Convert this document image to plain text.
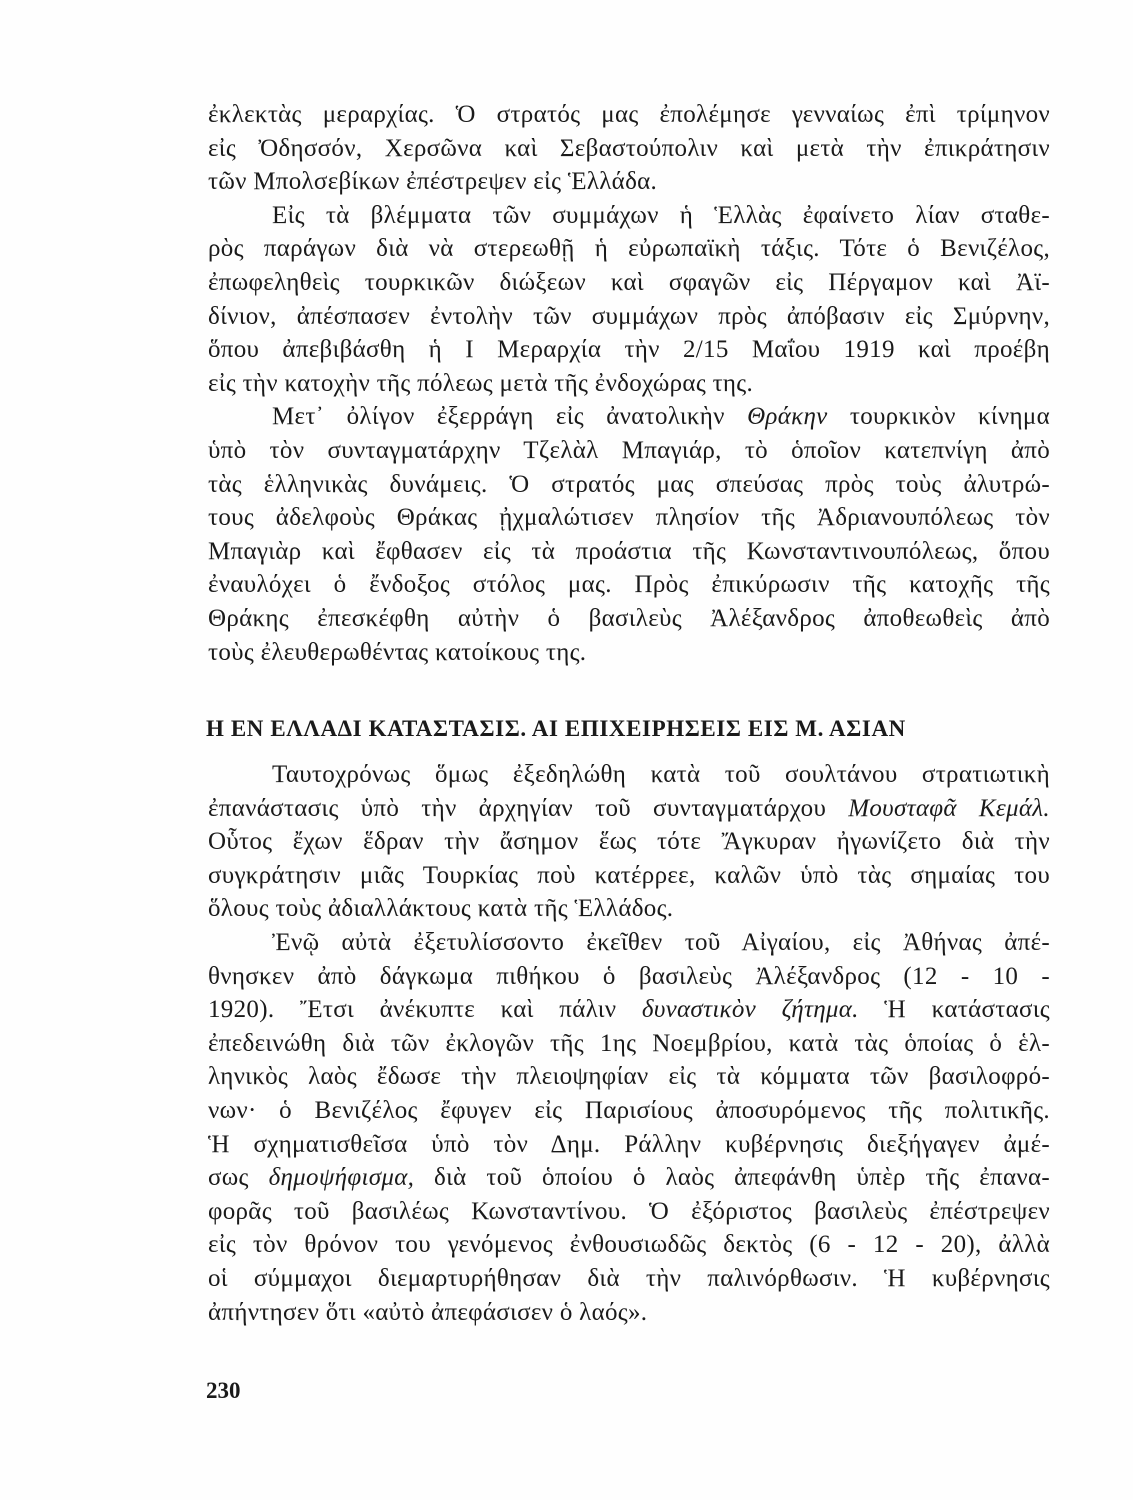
ἐκλεκτὰς μεραρχίας. Ὁ στρατός μας ἐπολέμησε γενναίως ἐπὶ τρίμηνον
εἰς Ὀδησσόν, Χερσῶνα καὶ Σεβαστούπολιν καὶ μετὰ τὴν ἐπικράτησιν
τῶν Μπολσεβίκων ἐπέστρεψεν εἰς Ἑλλάδα.
Εἰς τὰ βλέμματα τῶν συμμάχων ἡ Ἑλλὰς ἐφαίνετο λίαν σταθε-
ρὸς παράγων διὰ νὰ στερεωθῇ ἡ εὐρωπαϊκὴ τάξις. Τότε ὁ Βενιζέλος,
ἐπωφεληθεὶς τουρκικῶν διώξεων καὶ σφαγῶν εἰς Πέργαμον καὶ Ἀϊ-
δίνιον, ἀπέσπασεν ἐντολὴν τῶν συμμάχων πρὸς ἀπόβασιν εἰς Σμύρνην,
ὅπου ἀπεβιβάσθη ἡ Ι Μεραρχία τὴν 2/15 Μαΐου 1919 καὶ προέβη
εἰς τὴν κατοχὴν τῆς πόλεως μετὰ τῆς ἐνδοχώρας της.
Μετ᾽ ὀλίγον ἐξερράγη εἰς ἀνατολικὴν Θράκην τουρκικὸν κίνημα
ὑπὸ τὸν συνταγματάρχην Τζελὰλ Μπαγιάρ, τὸ ὁποῖον κατεπνίγη ἀπὸ
τὰς ἑλληνικὰς δυνάμεις. Ὁ στρατός μας σπεύσας πρὸς τοὺς ἀλυτρώ-
τους ἀδελφοὺς Θράκας ᾐχμαλώτισεν πλησίον τῆς Ἀδριανουπόλεως τὸν
Μπαγιὰρ καὶ ἔφθασεν εἰς τὰ προάστια τῆς Κωνσταντινουπόλεως, ὅπου
ἐναυλόχει ὁ ἔνδοξος στόλος μας. Πρὸς ἐπικύρωσιν τῆς κατοχῆς τῆς
Θράκης ἐπεσκέφθη αὐτὴν ὁ βασιλεὺς Ἀλέξανδρος ἀποθεωθεὶς ἀπὸ
τοὺς ἐλευθερωθέντας κατοίκους της.
Η ΕΝ ΕΛΛΑΔΙ ΚΑΤΑΣΤΑΣΙΣ. ΑΙ ΕΠΙΧΕΙΡΗΣΕΙΣ ΕΙΣ Μ. ΑΣΙΑΝ
Ταυτοχρόνως ὅμως ἐξεδηλώθη κατὰ τοῦ σουλτάνου στρατιωτικὴ
ἐπανάστασις ὑπὸ τὴν ἀρχηγίαν τοῦ συνταγματάρχου Μουσταφᾶ Κεμάλ.
Οὗτος ἔχων ἕδραν τὴν ἄσημον ἕως τότε Ἄγκυραν ἠγωνίζετο διὰ τὴν
συγκράτησιν μιᾶς Τουρκίας ποὺ κατέρρεε, καλῶν ὑπὸ τὰς σημαίας του
ὅλους τοὺς ἀδιαλλάκτους κατὰ τῆς Ἑλλάδος.
Ἐνῷ αὐτὰ ἐξετυλίσσοντο ἐκεῖθεν τοῦ Αἰγαίου, εἰς Ἀθήνας ἀπέ-
θνησκεν ἀπὸ δάγκωμα πιθήκου ὁ βασιλεὺς Ἀλέξανδρος (12 - 10 -
1920). Ἔτσι ἀνέκυπτε καὶ πάλιν δυναστικὸν ζήτημα. Ἡ κατάστασις
ἐπεδεινώθη διὰ τῶν ἐκλογῶν τῆς 1ης Νοεμβρίου, κατὰ τὰς ὁποίας ὁ ἑλ-
ληνικὸς λαὸς ἔδωσε τὴν πλειοψηφίαν εἰς τὰ κόμματα τῶν βασιλοφρό-
νων· ὁ Βενιζέλος ἔφυγεν εἰς Παρισίους ἀποσυρόμενος τῆς πολιτικῆς.
Ἡ σχηματισθεῖσα ὑπὸ τὸν Δημ. Ράλλην κυβέρνησις διεξήγαγεν ἀμέ-
σως δημοψήφισμα, διὰ τοῦ ὁποίου ὁ λαὸς ἀπεφάνθη ὑπὲρ τῆς ἐπανα-
φορᾶς τοῦ βασιλέως Κωνσταντίνου. Ὁ ἐξόριστος βασιλεὺς ἐπέστρεψεν
εἰς τὸν θρόνον του γενόμενος ἐνθουσιωδῶς δεκτὸς (6 - 12 - 20), ἀλλὰ
οἱ σύμμαχοι διεμαρτυρήθησαν διὰ τὴν παλινόρθωσιν. Ἡ κυβέρνησις
ἀπήντησεν ὅτι «αὐτὸ ἀπεφάσισεν ὁ λαός».
230
